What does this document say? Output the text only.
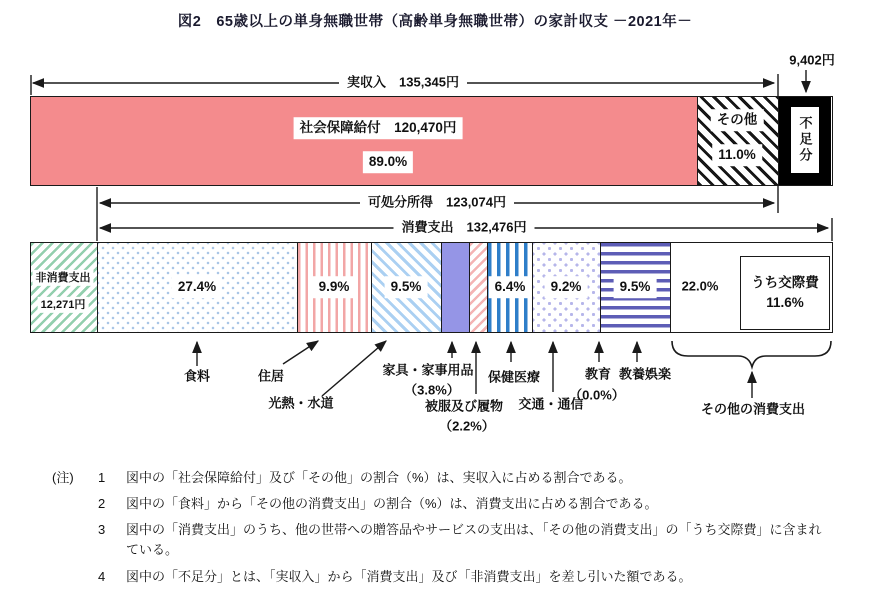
図2　65歳以上の単身無職世帯（高齢単身無職世帯）の家計収支 －2021年－
実収入　135,345円
9,402円
社会保障給付　120,470円
89.0%
その他
11.0%	不足分
可処分所得　123,074円
消費支出　132,476円
非消費支出
12,271円
27.4%	9.9%	9.5%	6.4%	9.2%	9.5%	22.0% うち交際費
11.6%
食料	住居
光熱・水道
家具・家事用品
（3.8%）
被服及び履物
（2.2%）
保健医療
交通・通信
教育
（0.0%）
教養娯楽
その他の消費支出
(注)	1	図中の「社会保障給付」及び「その他」の割合（%）は、実収入に占める割合である。
2	図中の「食料」から「その他の消費支出」の割合（%）は、消費支出に占める割合である。
3	図中の「消費支出」のうち、他の世帯への贈答品やサービスの支出は、「その他の消費支出」の「うち交際費」に含まれている。
4	図中の「不足分」とは、「実収入」から「消費支出」及び「非消費支出」を差し引いた額である。
